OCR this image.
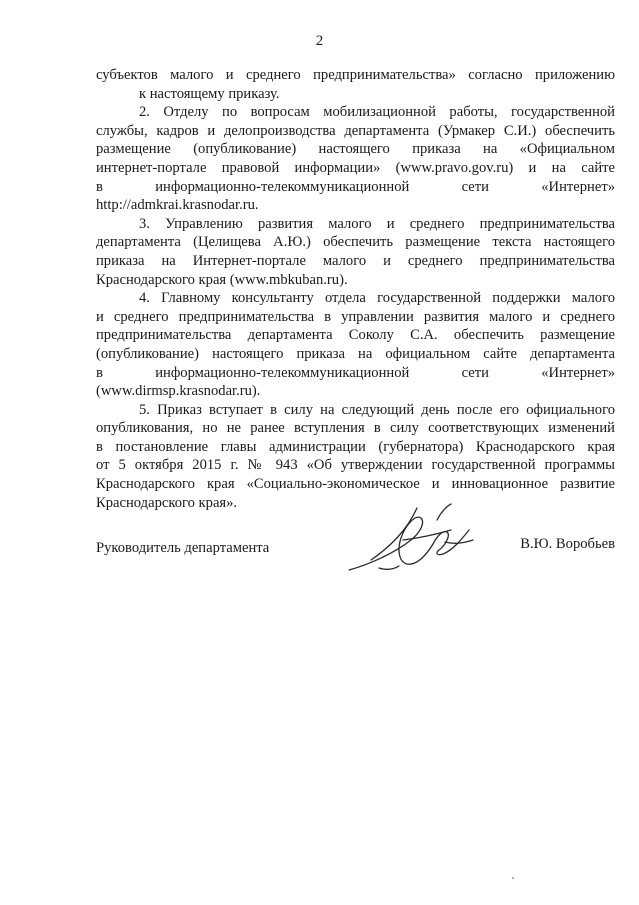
2
субъектов малого и среднего предпринимательства» согласно приложению
к настоящему приказу.
2. Отделу по вопросам мобилизационной работы, государственной
службы, кадров и делопроизводства департамента (Урмакер С.И.) обеспечить
размещение (опубликование) настоящего приказа на «Официальном
интернет-портале правовой информации» (www.pravo.gov.ru) и на сайте
в информационно-телекоммуникационной сети «Интернет»
http://admkrai.krasnodar.ru.
3. Управлению развития малого и среднего предпринимательства
департамента (Целищева А.Ю.) обеспечить размещение текста настоящего
приказа на Интернет-портале малого и среднего предпринимательства
Краснодарского края (www.mbkuban.ru).
4. Главному консультанту отдела государственной поддержки малого
и среднего предпринимательства в управлении развития малого и среднего
предпринимательства департамента Соколу С.А. обеспечить размещение
(опубликование) настоящего приказа на официальном сайте департамента
в информационно-телекоммуникационной сети «Интернет»
(www.dirmsp.krasnodar.ru).
5. Приказ вступает в силу на следующий день после его официального
опубликования, но не ранее вступления в силу соответствующих изменений
в постановление главы администрации (губернатора) Краснодарского края
от 5 октября 2015 г. № 943 «Об утверждении государственной программы
Краснодарского края «Социально-экономическое и инновационное развитие
Краснодарского края».
Руководитель департамента	В.Ю. Воробьев
